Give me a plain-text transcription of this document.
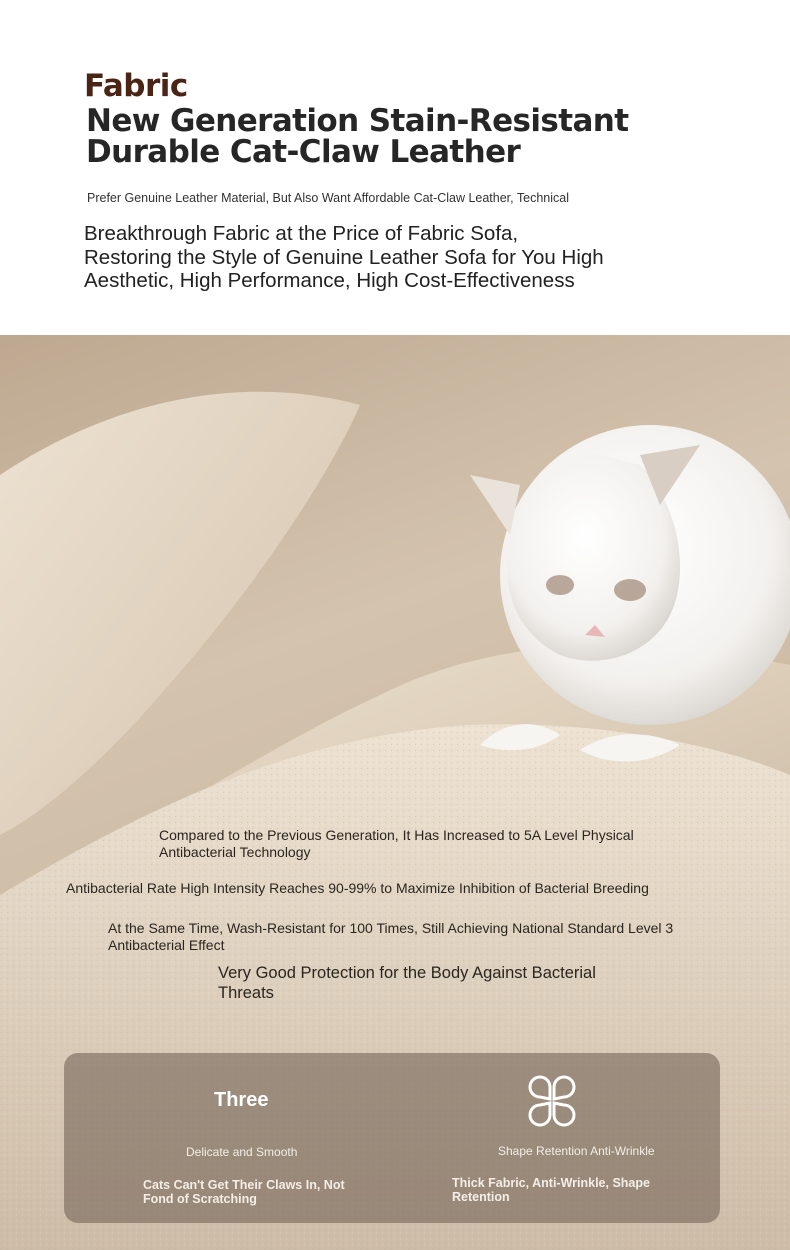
Fabric
New Generation Stain-Resistant
Durable Cat-Claw Leather
Prefer Genuine Leather Material, But Also Want Affordable Cat-Claw Leather, Technical
Breakthrough Fabric at the Price of Fabric Sofa,
Restoring the Style of Genuine Leather Sofa for You High
Aesthetic, High Performance, High Cost-Effectiveness
Compared to the Previous Generation, It Has Increased to 5A Level Physical Antibacterial Technology
Antibacterial Rate High Intensity Reaches 90-99% to Maximize Inhibition of Bacterial Breeding
At the Same Time, Wash-Resistant for 100 Times, Still Achieving National Standard Level 3 Antibacterial Effect
Very Good Protection for the Body Against Bacterial Threats
Three
Delicate and Smooth
Cats Can't Get Their Claws In, Not Fond of Scratching
Shape Retention Anti-Wrinkle
Thick Fabric, Anti-Wrinkle, Shape Retention
